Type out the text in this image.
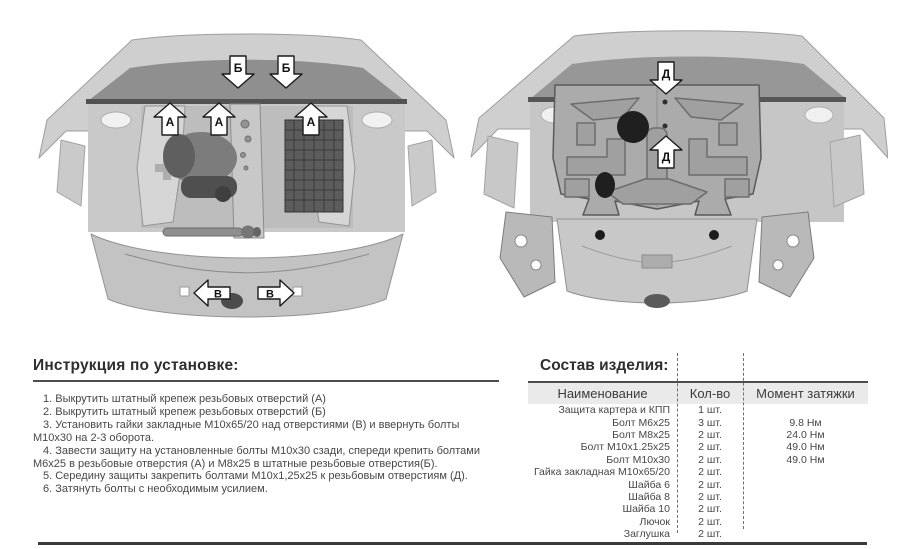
Б	Б
А	А	А
В	В
Д
Д
Инструкция по установке:

1. Выкрутить штатный крепеж резьбовых отверстий (А)

2. Выкрутить штатный крепеж резьбовых отверстий (Б)

3. Установить гайки закладные М10х65/20 над отверстиями (В) и ввернуть болты М10х30 на 2-3 оборота.

4. Завести защиту на установленные болты М10х30 сзади, спереди крепить болтами М6х25 в резьбовые отверстия (А) и М8х25 в штатные резьбовые отверстия(Б).

5. Середину защиты закрепить болтами М10х1,25х25 к резьбовым отверстиям (Д).

6. Затянуть болты с необходимым усилием.

Состав изделия:
Наименование	Кол-во	Момент затяжки
Защита картера и КПП	1 шт.
Болт М6х25	3 шт.	9.8 Нм
Болт М8х25	2 шт.	24.0 Нм
Болт М10х1.25х25	2 шт.	49.0 Нм
Болт М10х30	2 шт.	49.0 Нм
Гайка закладная М10х65/20	2 шт.
Шайба 6	2 шт.
Шайба 8	2 шт.
Шайба 10	2 шт.
Лючок	2 шт.
Заглушка	2 шт.
